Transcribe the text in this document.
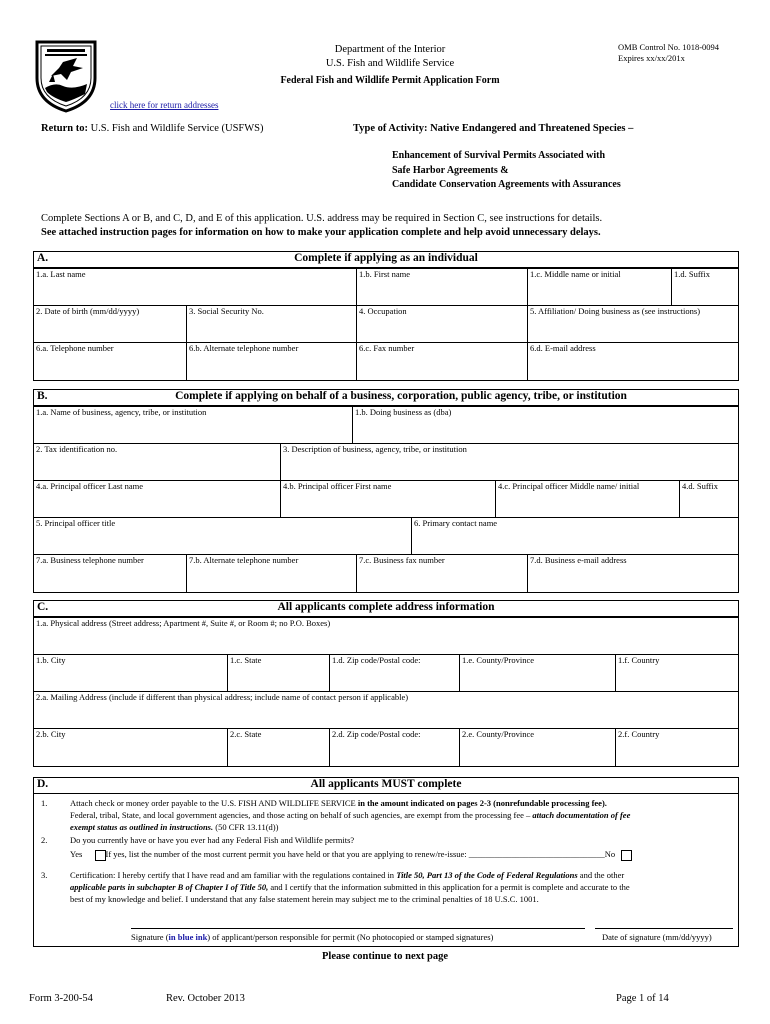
Department of the Interior
U.S. Fish and Wildlife Service
OMB Control No. 1018-0094
Expires xx/xx/201x
Federal Fish and Wildlife Permit Application Form
click here for return addresses
Return to: U.S. Fish and Wildlife Service (USFWS)	Type of Activity: Native Endangered and Threatened Species –
Enhancement of Survival Permits Associated with
Safe Harbor Agreements &
Candidate Conservation Agreements with Assurances
Complete Sections A or B, and C, D, and E of this application. U.S. address may be required in Section C, see instructions for details.
See attached instruction pages for information on how to make your application complete and help avoid unnecessary delays.
Complete if applying as an individual
A.
1.a. Last name	1.b. First name	1.c. Middle name or initial	1.d. Suffix
2. Date of birth (mm/dd/yyyy)	3. Social Security No.	4. Occupation	5. Affiliation/ Doing business as (see instructions)
6.a. Telephone number	6.b. Alternate telephone number	6.c. Fax number	6.d. E-mail address
Complete if applying on behalf of a business, corporation, public agency, tribe, or institution
B.
1.a. Name of business, agency, tribe, or institution	1.b. Doing business as (dba)
2. Tax identification no.	3. Description of business, agency, tribe, or institution
4.a. Principal officer Last name	4.b. Principal officer First name	4.c. Principal officer Middle name/ initial	4.d. Suffix
5. Principal officer title	6. Primary contact name
7.a. Business telephone number	7.b. Alternate telephone number	7.c. Business fax number	7.d. Business e-mail address
All applicants complete address information
C.
1.a. Physical address (Street address; Apartment #, Suite #, or Room #; no P.O. Boxes)
1.b. City	1.c. State	1.d. Zip code/Postal code:	1.e. County/Province	1.f. Country
2.a. Mailing Address (include if different than physical address; include name of contact person if applicable)
2.b. City	2.c. State	2.d. Zip code/Postal code:	2.e. County/Province	2.f. Country
All applicants MUST complete
D.
1.	Attach check or money order payable to the U.S. FISH AND WILDLIFE SERVICE in the amount indicated on pages 2-3 (nonrefundable processing fee).
Federal, tribal, State, and local government agencies, and those acting on behalf of such agencies, are exempt from the processing fee – attach documentation of fee
exempt status as outlined in instructions. (50 CFR 13.11(d))
2.	Do you currently have or have you ever had any Federal Fish and Wildlife permits?
Yes	If yes, list the number of the most current permit you have held or that you are applying to renew/re-issue: ________________________________No
3.	Certification: I hereby certify that I have read and am familiar with the regulations contained in Title 50, Part 13 of the Code of Federal Regulations and the other
applicable parts in subchapter B of Chapter I of Title 50, and I certify that the information submitted in this application for a permit is complete and accurate to the
best of my knowledge and belief. I understand that any false statement herein may subject me to the criminal penalties of 18 U.S.C. 1001.
Signature (in blue ink) of applicant/person responsible for permit (No photocopied or stamped signatures)	Date of signature (mm/dd/yyyy)
Please continue to next page
Form 3-200-54	Rev. October 2013	Page 1 of 14
